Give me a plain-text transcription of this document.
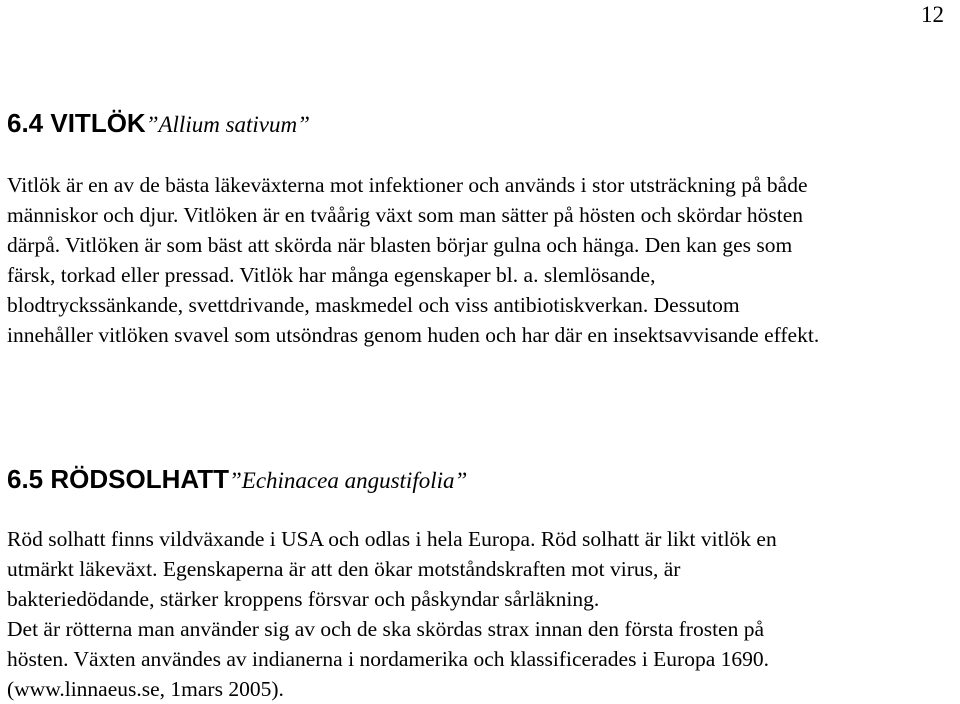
12
6.4 VITLÖK”Allium sativum”
Vitlök är en av de bästa läkeväxterna mot infektioner och används i stor utsträckning på både
människor och djur. Vitlöken är en tvåårig växt som man sätter på hösten och skördar hösten
därpå. Vitlöken är som bäst att skörda när blasten börjar gulna och hänga. Den kan ges som
färsk, torkad eller pressad. Vitlök har många egenskaper bl. a. slemlösande,
blodtryckssänkande, svettdrivande, maskmedel och viss antibiotiskverkan. Dessutom
innehåller vitlöken svavel som utsöndras genom huden och har där en insektsavvisande effekt.
6.5 RÖDSOLHATT”Echinacea angustifolia”
Röd solhatt finns vildväxande i USA och odlas i hela Europa. Röd solhatt är likt vitlök en
utmärkt läkeväxt. Egenskaperna är att den ökar motståndskraften mot virus, är
bakteriedödande, stärker kroppens försvar och påskyndar sårläkning.
Det är rötterna man använder sig av och de ska skördas strax innan den första frosten på
hösten. Växten användes av indianerna i nordamerika och klassificerades i Europa 1690.
(www.linnaeus.se, 1mars 2005).
